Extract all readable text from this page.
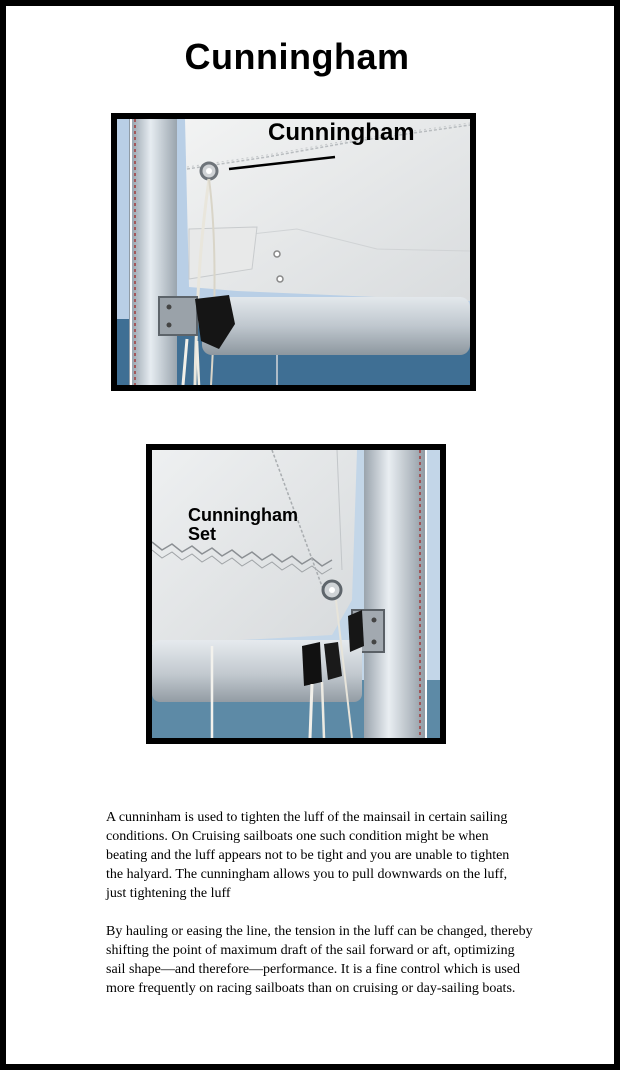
Cunningham
Cunningham
Cunningham
Set
A cunninham is used to tighten the luff of the mainsail in certain sailing conditions. On Cruising sailboats one such condition might be when beating and the luff appears not to be tight and you are unable to tighten the halyard. The cunningham allows you to pull downwards on the luff, just tightening the luff
By hauling or easing the line, the tension in the luff can be changed, thereby shifting the point of maximum draft of the sail forward or aft, optimizing sail shape—and therefore—performance. It is a fine control which is used more frequently on racing sailboats than on cruising or day-sailing boats.
